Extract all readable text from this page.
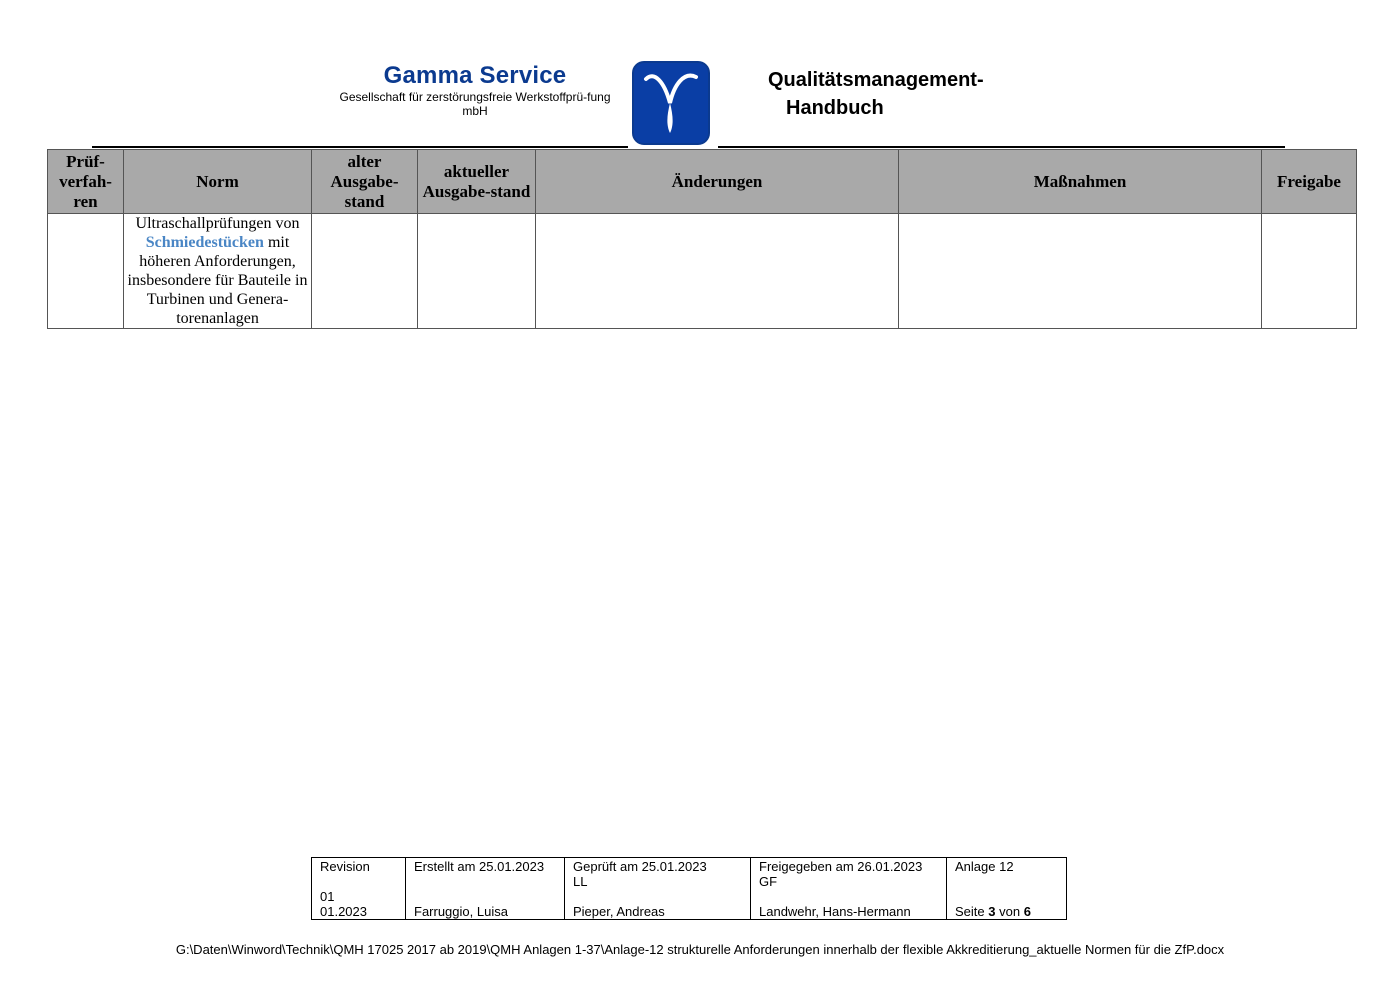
Gamma Service
Gesellschaft für zerstörungsfreie Werkstoffprü-fung mbH
Qualitätsmanagement-
Handbuch
Prüf-verfah-ren	Norm	alter Ausgabe-stand	aktueller Ausgabe-stand	Änderungen	Maßnahmen	Freigabe
	Ultraschallprüfungen von Schmiedestücken mit höheren Anforderungen, insbesondere für Bauteile in Turbinen und Genera-torenanlagen					
Revision
01
01.2023

Erstellt am 25.01.2023
Farruggio, Luisa

Geprüft am 25.01.2023
LL
Pieper, Andreas

Freigegeben am 26.01.2023
GF
Landwehr, Hans-Hermann

Anlage 12
Seite 3 von 6
G:\Daten\Winword\Technik\QMH 17025 2017 ab 2019\QMH Anlagen 1-37\Anlage-12 strukturelle Anforderungen innerhalb der flexible Akkreditierung_aktuelle Normen für die ZfP.docx
